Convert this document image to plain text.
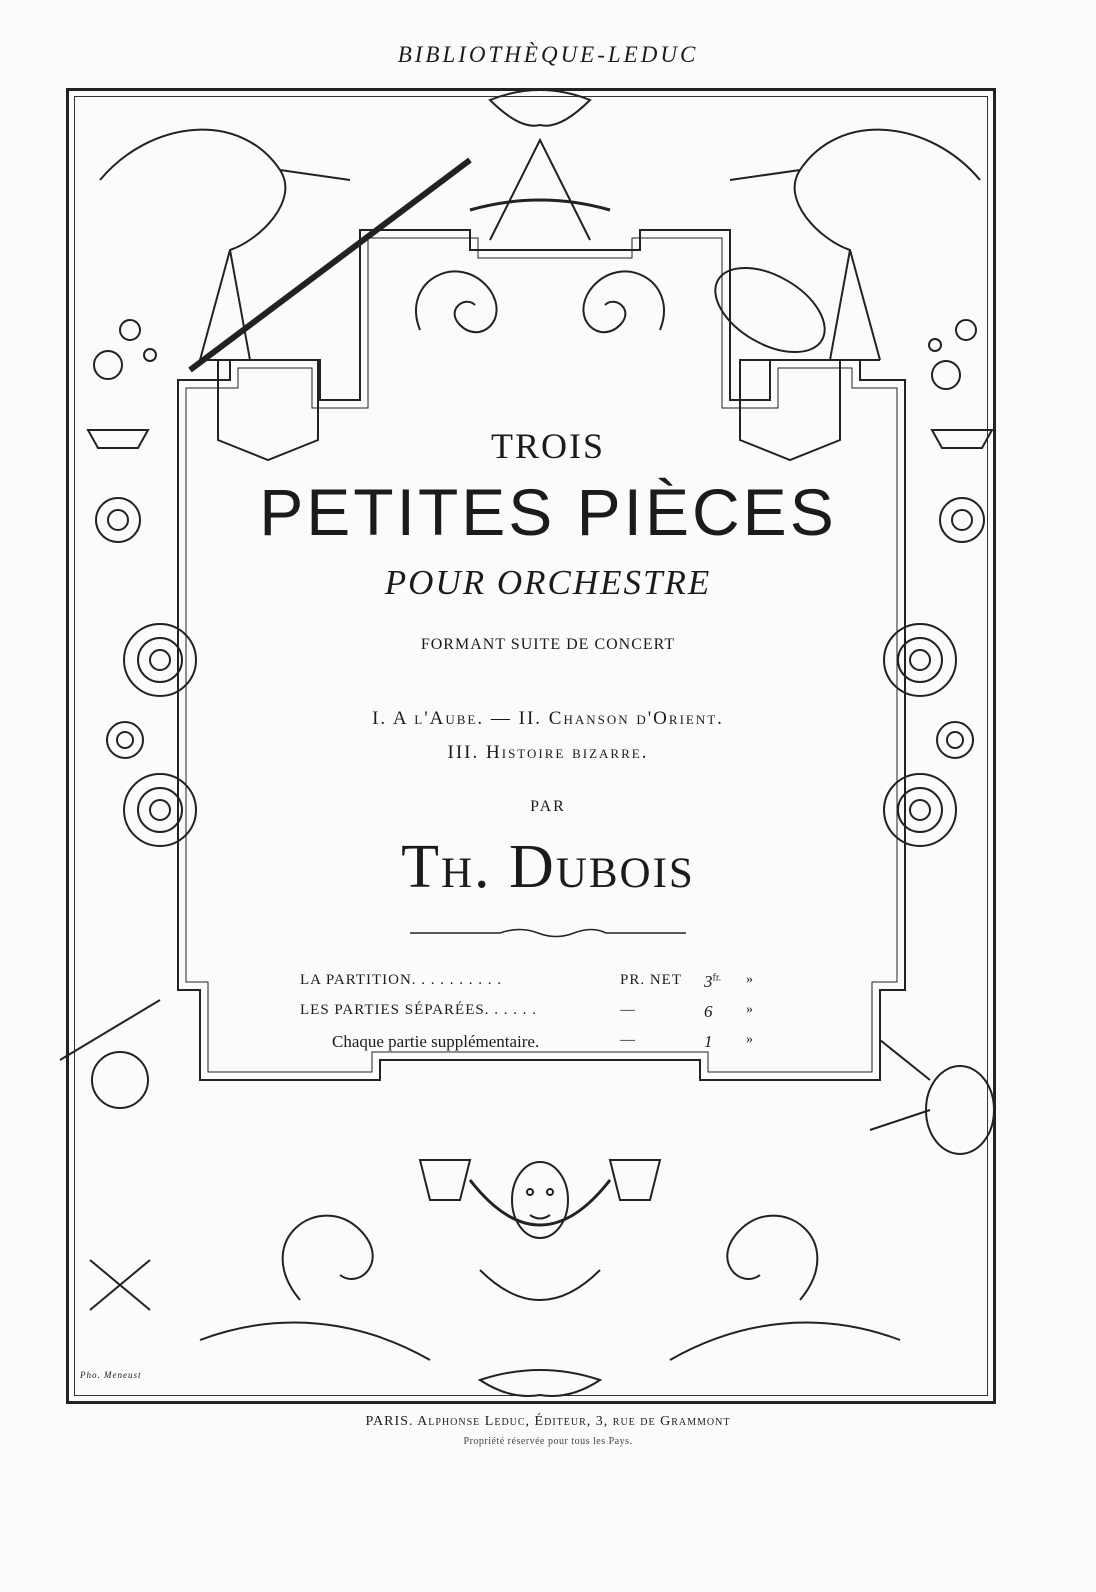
BIBLIOTHÈQUE-LEDUC
TROIS
PETITES PIÈCES
POUR ORCHESTRE
FORMANT SUITE DE CONCERT
I. A l'Aube. — II. Chanson d'Orient.
III. Histoire bizarre.
PAR
Th. Dubois
LA PARTITION. . . . . . . . . .	PR. NET $3^{fr.}$ »
LES PARTIES SÉPARÉES. . . . . .	—	6 »
Chaque partie supplémentaire.	—	1 »
Pho. Meneust
PARIS. Alphonse Leduc, Éditeur, 3, rue de Grammont
Propriété réservée pour tous les Pays.
